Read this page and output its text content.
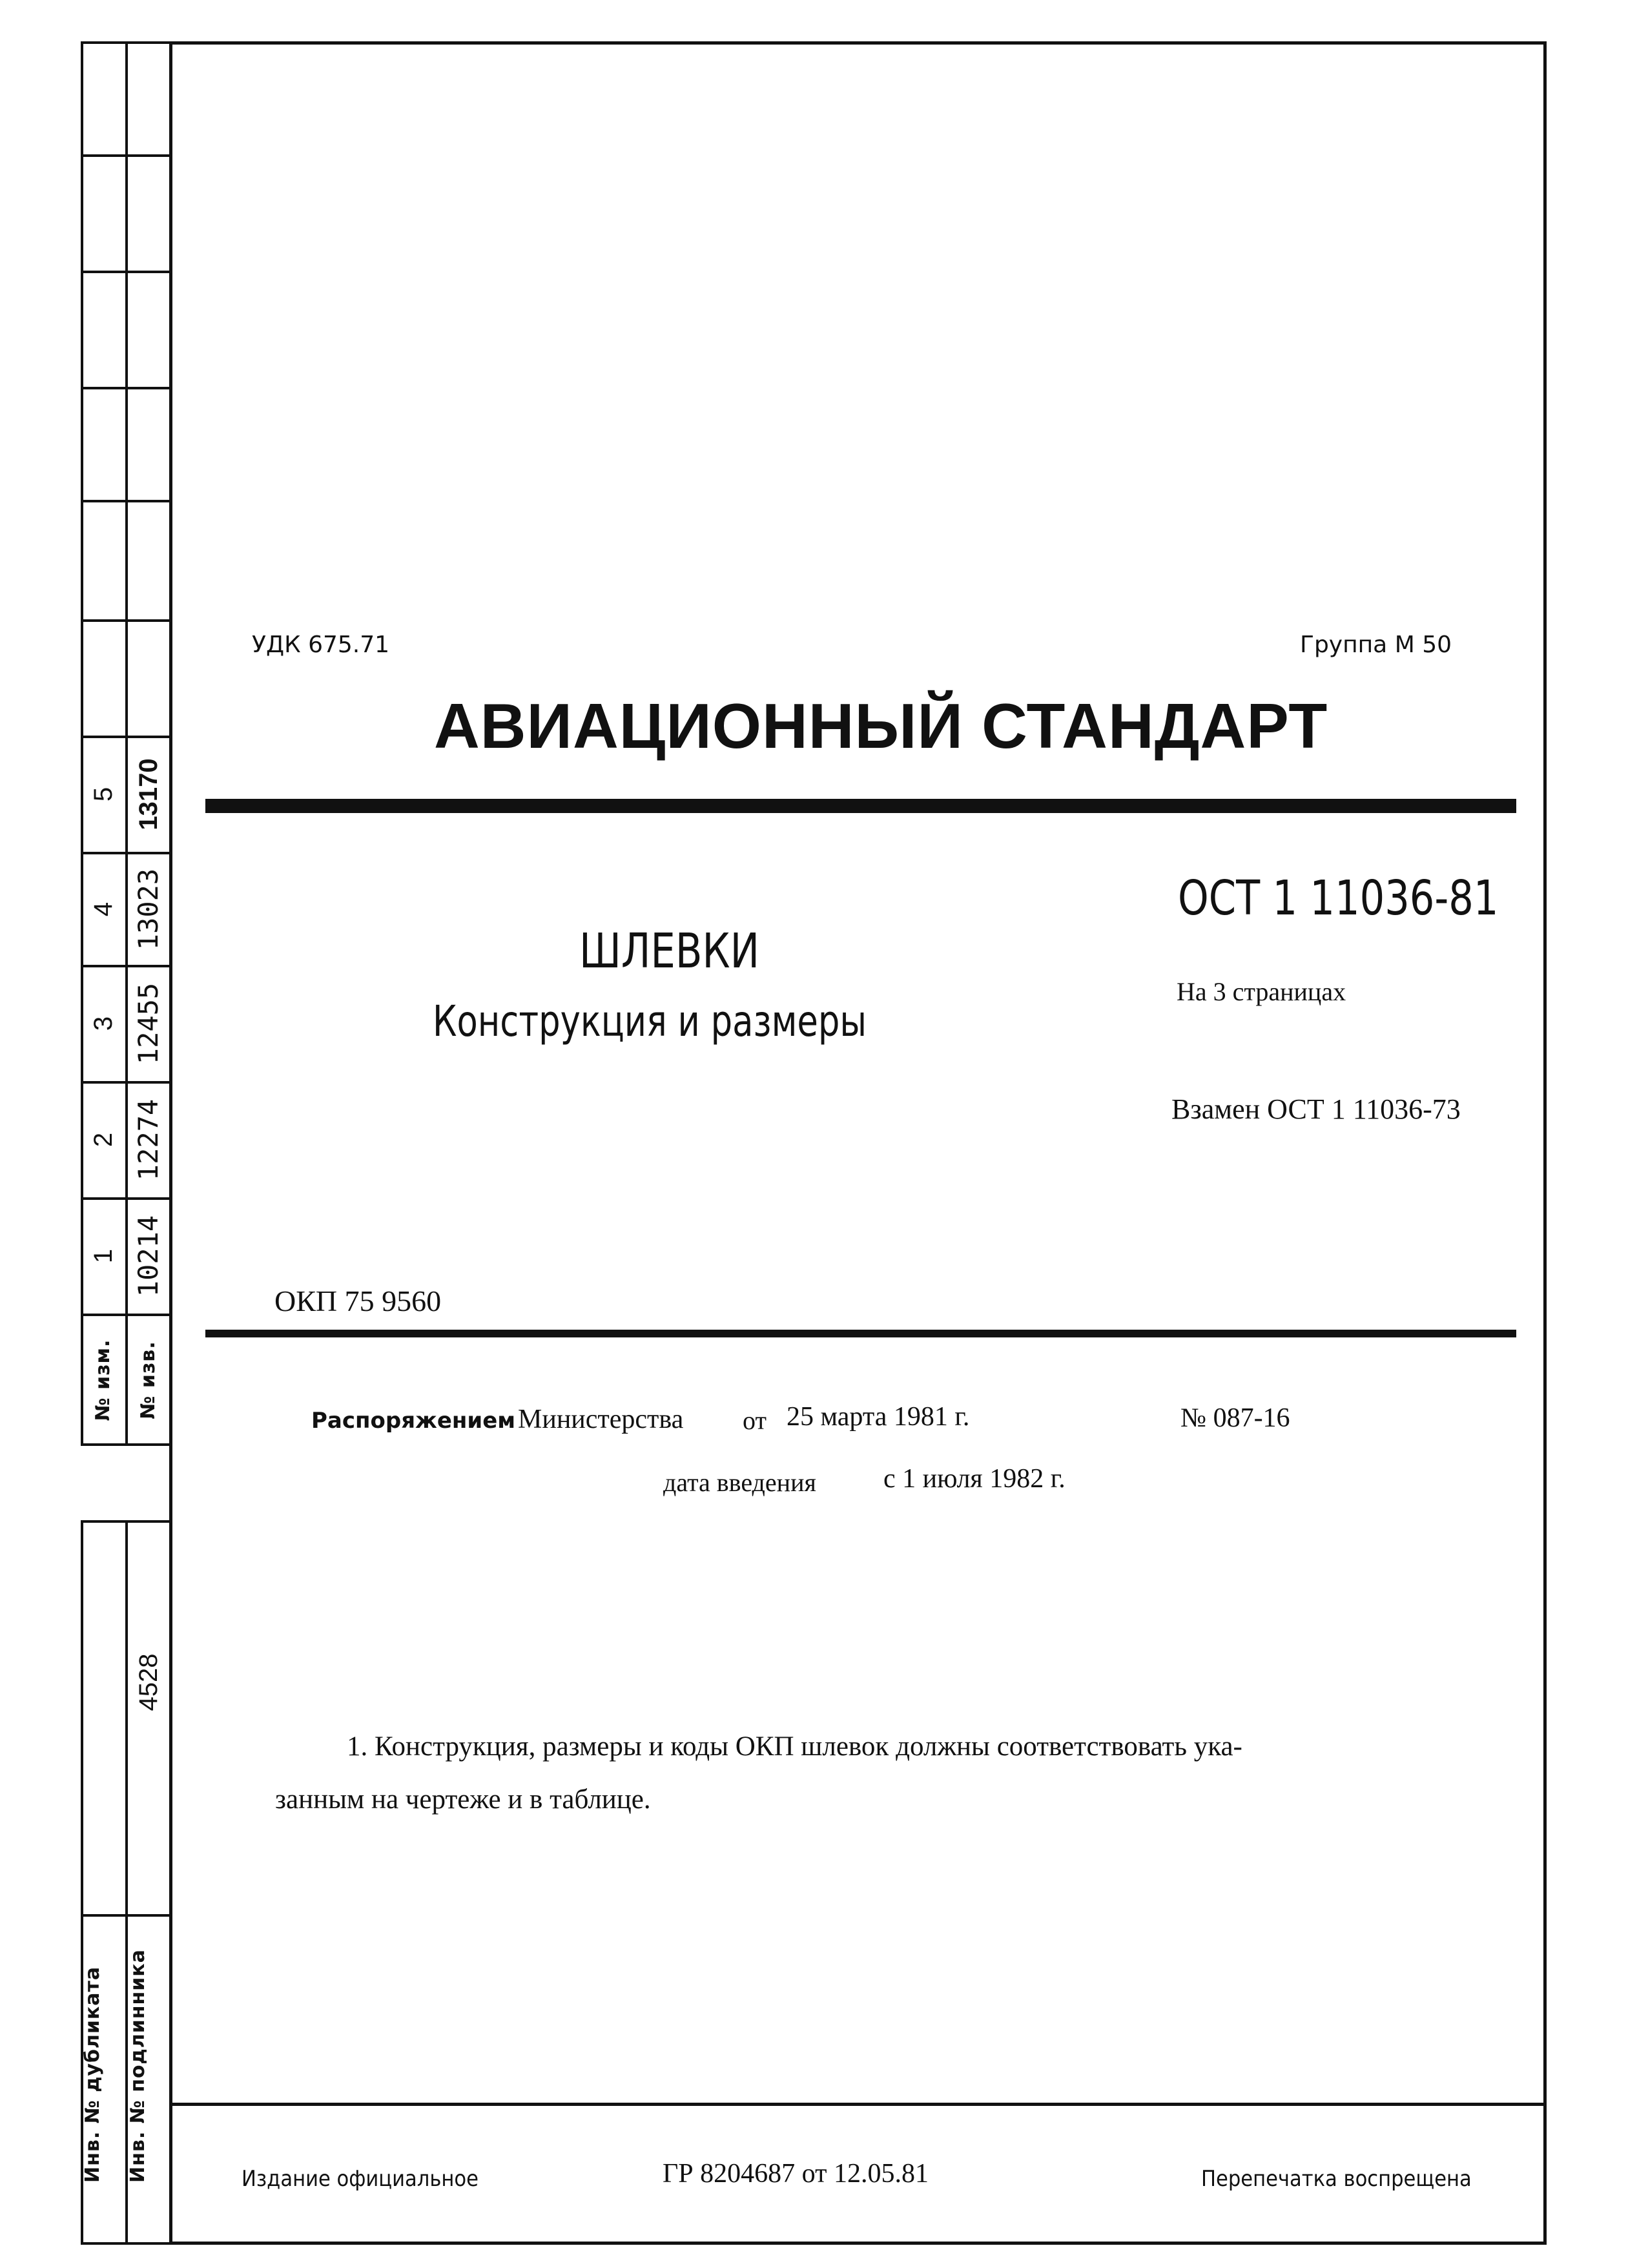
5 13170
4 13023
3 12455
2 12274
1 10214
№ изм. № изв.
4528
Инв. № дубликата Инв. № подлинника
УДК 675.71	Группа М 50
АВИАЦИОННЫЙ СТАНДАРТ
ОСТ 1 11036-81
ШЛЕВКИ
Конструкция и размеры
На 3 страницах
Взамен ОСТ 1 11036-73
ОКП 75 9560
Распоряжением Министерства от 25 марта 1981 г.	№ 087-16
дата введения с 1 июля 1982 г.
1. Конструкция, размеры и коды ОКП шлевок должны соответствовать ука-
занным на чертеже и в таблице.
Издание официальное	ГР 8204687 от 12.05.81	Перепечатка воспрещена
